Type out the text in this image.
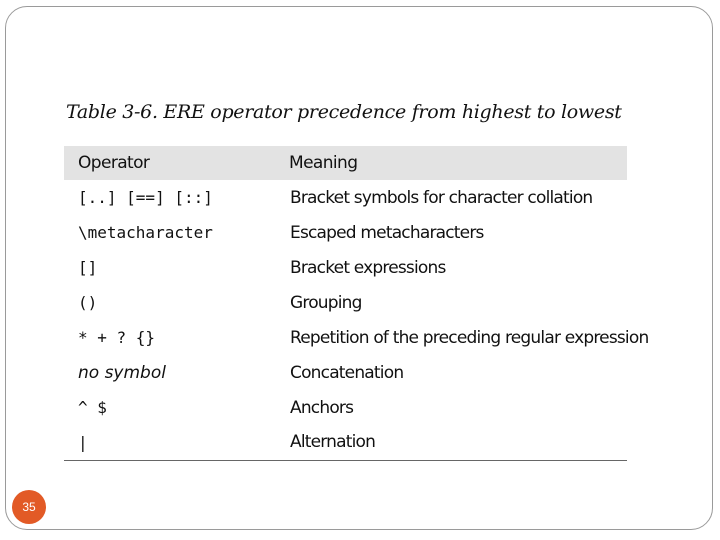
Table 3-6. ERE operator precedence from highest to lowest
Operator	Meaning
[..] [==] [::]	Bracket symbols for character collation
\metacharacter	Escaped metacharacters
[]	Bracket expressions
()	Grouping
* + ? {}	Repetition of the preceding regular expression
no symbol	Concatenation
^ $	Anchors
|	Alternation
35
